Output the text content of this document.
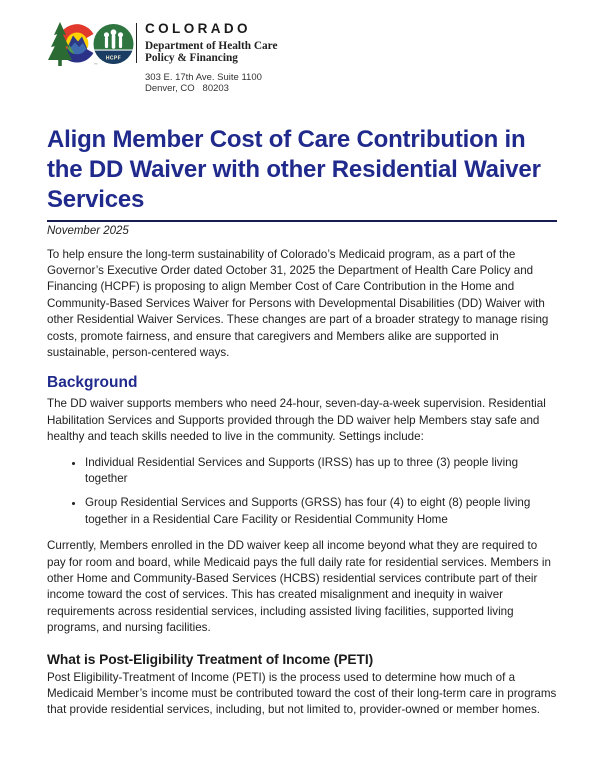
™
HCPF
COLORADO
Department of Health Care
Policy & Financing
303 E. 17th Ave. Suite 1100
Denver, CO   80203
Align Member Cost of Care Contribution in the DD Waiver with other Residential Waiver Services
November 2025

To help ensure the long-term sustainability of Colorado’s Medicaid program, as a part of the Governor’s Executive Order dated October 31, 2025 the Department of Health Care Policy and Financing (HCPF) is proposing to align Member Cost of Care Contribution in the Home and Community-Based Services Waiver for Persons with Developmental Disabilities (DD) Waiver with other Residential Waiver Services. These changes are part of a broader strategy to manage rising costs, promote fairness, and ensure that caregivers and Members alike are supported in sustainable, person-centered ways.

Background

The DD waiver supports members who need 24-hour, seven-day-a-week supervision. Residential Habilitation Services and Supports provided through the DD waiver help Members stay safe and healthy and teach skills needed to live in the community. Settings include:

• Individual Residential Services and Supports (IRSS) has up to three (3) people living together
• Group Residential Services and Supports (GRSS) has four (4) to eight (8) people living together in a Residential Care Facility or Residential Community Home

Currently, Members enrolled in the DD waiver keep all income beyond what they are required to pay for room and board, while Medicaid pays the full daily rate for residential services. Members in other Home and Community-Based Services (HCBS) residential services contribute part of their income toward the cost of services. This has created misalignment and inequity in waiver requirements across residential services, including assisted living facilities, supported living programs, and nursing facilities.

What is Post-Eligibility Treatment of Income (PETI)

Post Eligibility-Treatment of Income (PETI) is the process used to determine how much of a Medicaid Member’s income must be contributed toward the cost of their long-term care in programs that provide residential services, including, but not limited to, provider-owned or member homes.
